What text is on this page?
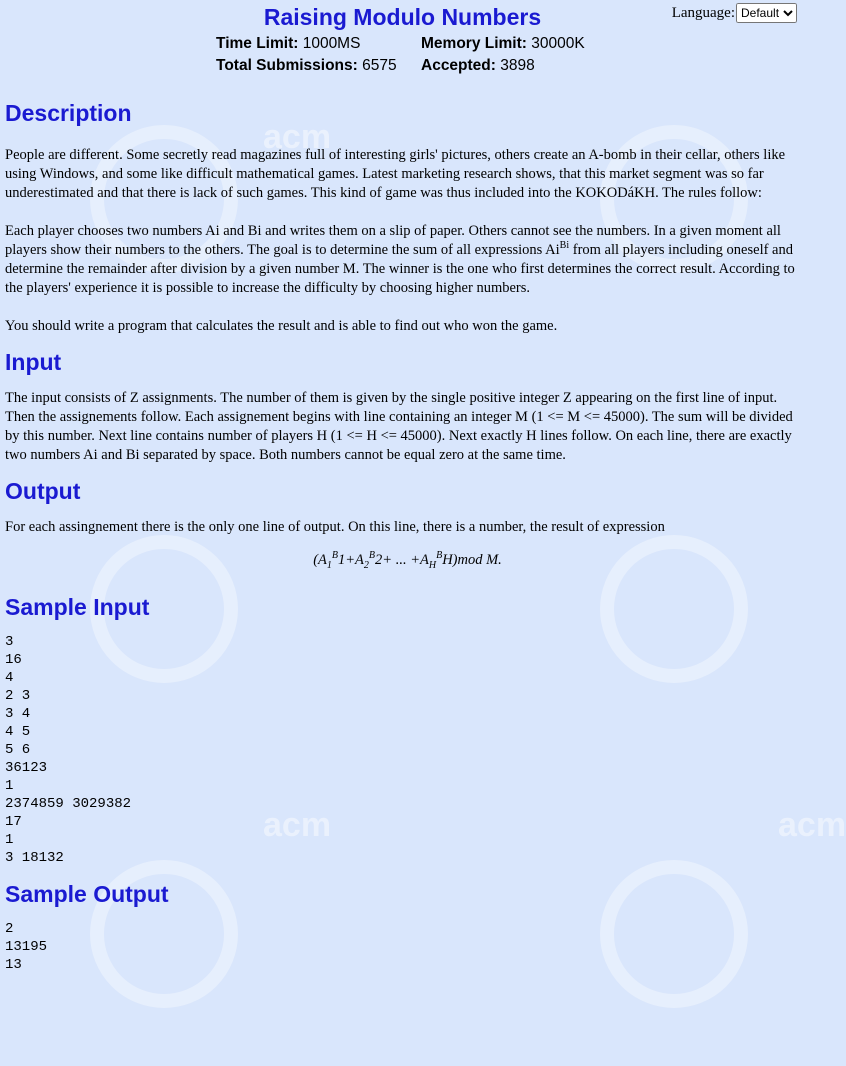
acm
acm	acm
Language:
Default
Raising Modulo Numbers
Time Limit: 1000MS	Memory Limit: 30000K
Total Submissions: 6575	Accepted: 3898
Description

People are different. Some secretly read magazines full of interesting girls' pictures, others create an A-bomb in their cellar, others like using Windows, and some like difficult mathematical games. Latest marketing research shows, that this market segment was so far underestimated and that there is lack of such games. This kind of game was thus included into the KOKODáKH. The rules follow:

Each player chooses two numbers Ai and Bi and writes them on a slip of paper. Others cannot see the numbers. In a given moment all players show their numbers to the others. The goal is to determine the sum of all expressions $Ai^{Bi}$ from all players including oneself and determine the remainder after division by a given number M. The winner is the one who first determines the correct result. According to the players' experience it is possible to increase the difficulty by choosing higher numbers.

You should write a program that calculates the result and is able to find out who won the game.

Input

The input consists of Z assignments. The number of them is given by the single positive integer Z appearing on the first line of input. Then the assignements follow. Each assignement begins with line containing an integer M (1 <= M <= 45000). The sum will be divided by this number. Next line contains number of players H (1 <= H <= 45000). Next exactly H lines follow. On each line, there are exactly two numbers Ai and Bi separated by space. Both numbers cannot be equal zero at the same time.

Output

For each assingnement there is the only one line of output. On this line, there is a number, the result of expression

($A_1^B1+A_2^B2+$ ... $+A_H^BH)mod$ M.

Sample Input
3
16
4
2 3
3 4
4 5
5 6
36123
1
2374859 3029382
17
1
3 18132
Sample Output
2
13195
13
